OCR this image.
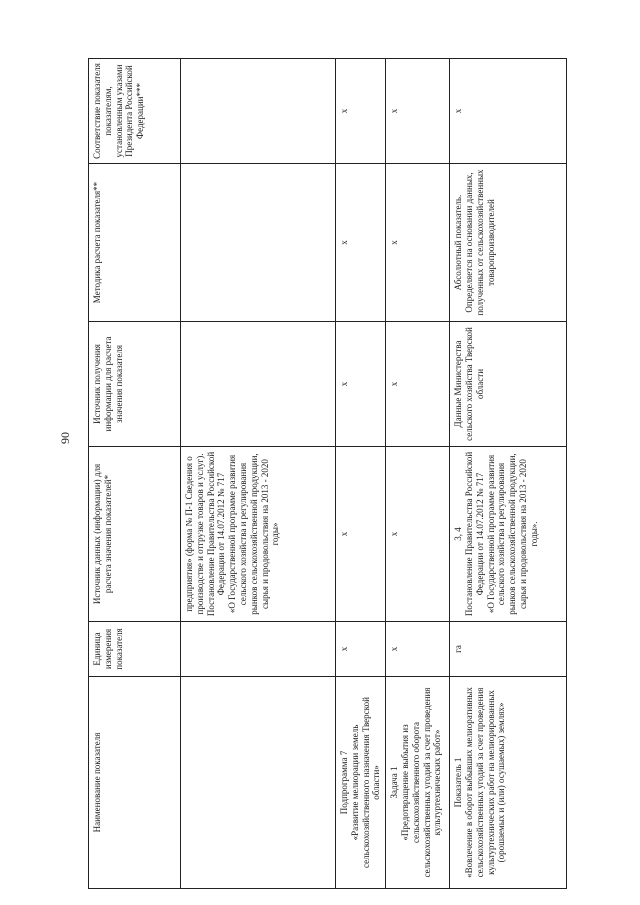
90
Наименование показателя	Единица измерения показателя	Источник данных (информации) для расчета значения показателей*	Источник получения информации для расчета значения показателя	Методика расчета показателя**	Соответствие показателя показателям, установленным указами Президента Российской Федерации***
		предприятия» (форма № П-1 Сведения о производстве и отгрузке товаров и услуг).
Постановление Правительства Российской Федерации от 14.07.2012 № 717
«О Государственной программе развития сельского хозяйства и регулирования рынков сельскохозяйственной продукции, сырья и продовольствия на 2013 - 2020 годы»			
Подпрограмма 7
«Развитие мелиорации земель сельскохозяйственного назначения Тверской области»	х	х	х	х	х
Задача 1
«Предотвращение выбытия из сельскохозяйственного оборота сельскохозяйственных угодий за счет проведения культуртехнических работ»	х	х	х	х	х
Показатель 1
«Вовлечение в оборот выбывших мелиоративных сельскохозяйственных угодий за счет проведения культуртехнических работ на мелиорированных (орошаемых и (или) осушаемых) землях»	га	3, 4
Постановление Правительства Российской Федерации от 14.07.2012 № 717
«О Государственной программе развития сельского хозяйства и регулирования рынков сельскохозяйственной продукции, сырья и продовольствия на 2013 - 2020 годы».	Данные Министерства сельского хозяйства Тверской области	Абсолютный показатель. Определяется на основании данных, полученных от сельскохозяйственных товаропроизводителей	х
